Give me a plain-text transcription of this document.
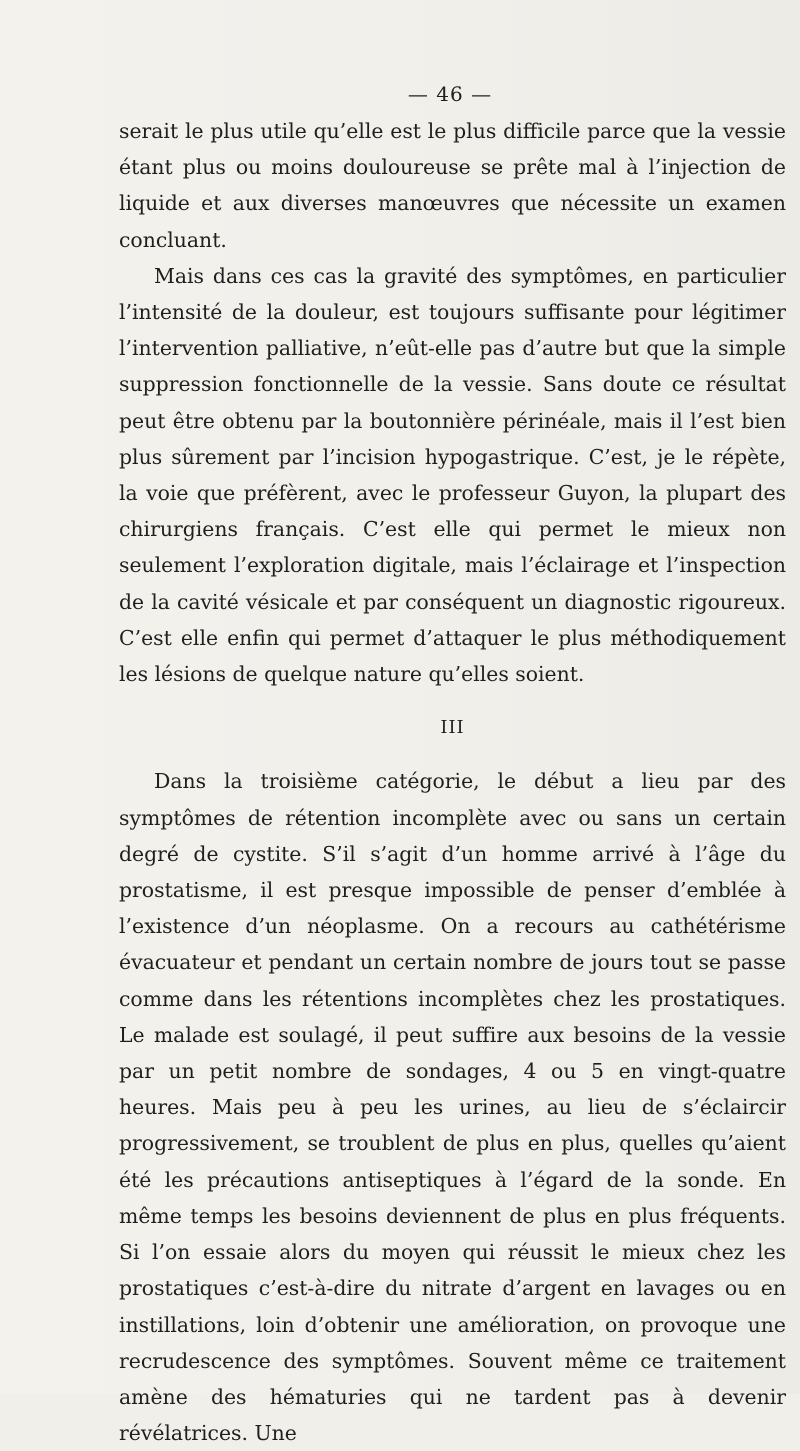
— 46 —

serait le plus utile qu’elle est le plus difficile parce que la vessie étant plus ou moins douloureuse se prête mal à l’injection de liquide et aux diverses manœuvres que nécessite un examen concluant.

Mais dans ces cas la gravité des symptômes, en particulier l’intensité de la douleur, est toujours suffisante pour légitimer l’intervention palliative, n’eût-elle pas d’autre but que la simple suppression fonctionnelle de la vessie. Sans doute ce résultat peut être obtenu par la boutonnière périnéale, mais il l’est bien plus sûrement par l’incision hypogastrique. C’est, je le répète, la voie que préfèrent, avec le professeur Guyon, la plupart des chirurgiens français. C’est elle qui permet le mieux non seulement l’exploration digitale, mais l’éclairage et l’inspection de la cavité vésicale et par conséquent un diagnostic rigoureux. C’est elle enfin qui permet d’attaquer le plus méthodiquement les lésions de quelque nature qu’elles soient.

III

Dans la troisième catégorie, le début a lieu par des symptômes de rétention incomplète avec ou sans un certain degré de cystite. S’il s’agit d’un homme arrivé à l’âge du prostatisme, il est presque impossible de penser d’emblée à l’existence d’un néoplasme. On a recours au cathétérisme évacuateur et pendant un certain nombre de jours tout se passe comme dans les rétentions incomplètes chez les prostatiques. Le malade est soulagé, il peut suffire aux besoins de la vessie par un petit nombre de sondages, 4 ou 5 en vingt-quatre heures. Mais peu à peu les urines, au lieu de s’éclaircir progressivement, se troublent de plus en plus, quelles qu’aient été les précautions antiseptiques à l’égard de la sonde. En même temps les besoins deviennent de plus en plus fréquents. Si l’on essaie alors du moyen qui réussit le mieux chez les prostatiques c’est-à-dire du nitrate d’argent en lavages ou en instillations, loin d’obtenir une amélioration, on provoque une recrudescence des symptômes. Souvent même ce traitement amène des hématuries qui ne tardent pas à devenir révélatrices. Une
